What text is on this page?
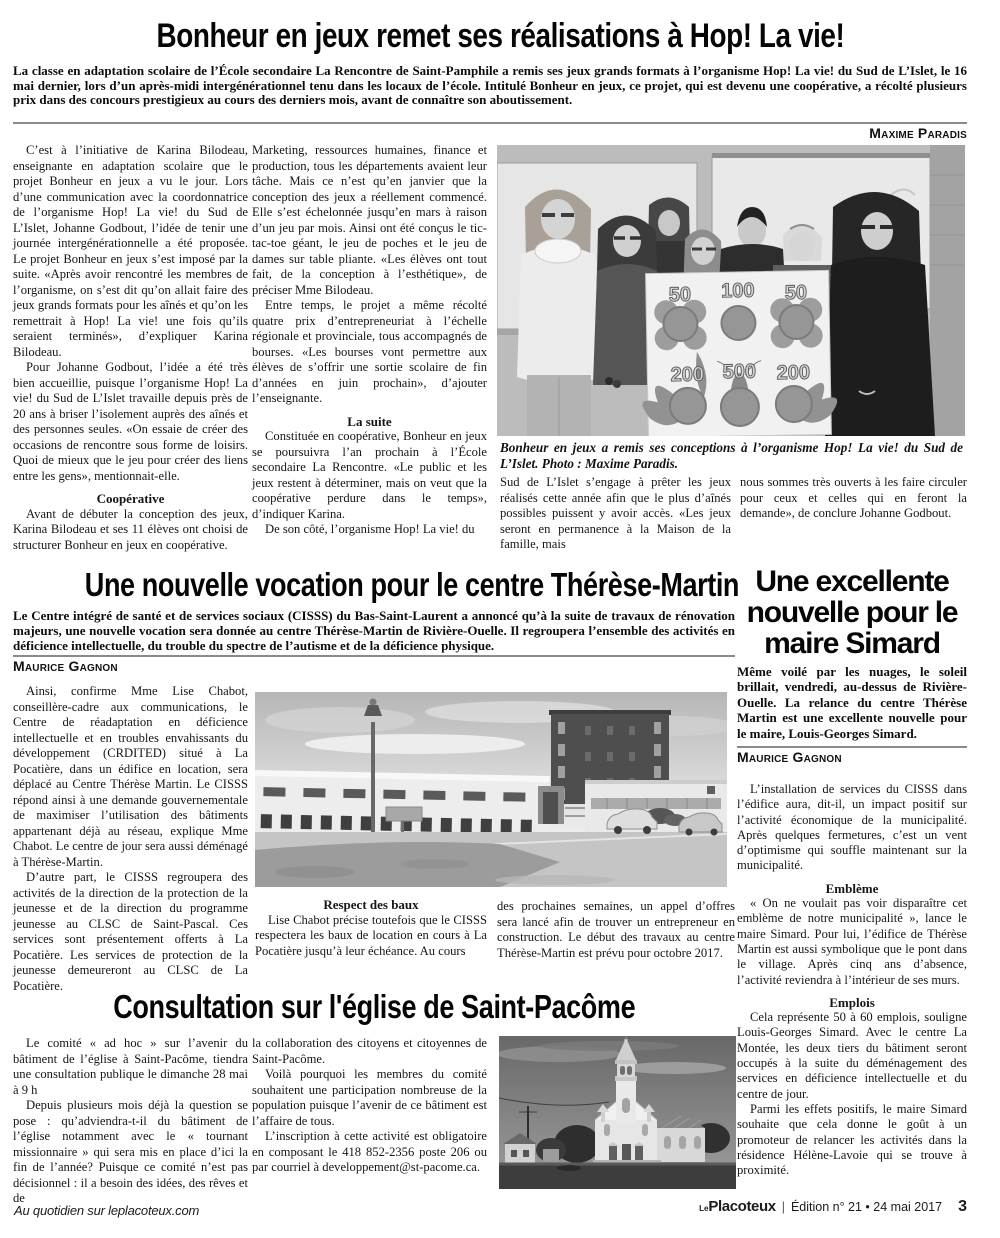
Bonheur en jeux remet ses réalisations à Hop! La vie!
La classe en adaptation scolaire de l’École secondaire La Rencontre de Saint-Pamphile a remis ses jeux grands formats à l’organisme Hop! La vie! du Sud de L’Islet, le 16 mai dernier, lors d’un après-midi intergénérationnel tenu dans les locaux de l’école. Intitulé Bonheur en jeux, ce projet, qui est devenu une coopérative, a récolté plusieurs prix dans des concours prestigieux au cours des derniers mois, avant de connaître son aboutissement.
Maxime Paradis

C’est à l’initiative de Karina Bilodeau, enseignante en adaptation scolaire que le projet Bonheur en jeux a vu le jour. Lors d’une communication avec la coordonnatrice de l’organisme Hop! La vie! du Sud de L’Islet, Johanne Godbout, l’idée de tenir une journée intergénérationnelle a été proposée. Le projet Bonheur en jeux s’est imposé par la suite. «Après avoir rencontré les membres de l’organisme, on s’est dit qu’on allait faire des jeux grands formats pour les aînés et qu’on les remettrait à Hop! La vie! une fois qu’ils seraient terminés», d’expliquer Karina Bilodeau.

Pour Johanne Godbout, l’idée a été très bien accueillie, puisque l’organisme Hop! La vie! du Sud de L’Islet travaille depuis près de 20 ans à briser l’isolement auprès des aînés et des personnes seules. «On essaie de créer des occasions de rencontre sous forme de loisirs. Quoi de mieux que le jeu pour créer des liens entre les gens», mentionnait-elle.

Coopérative

Avant de débuter la conception des jeux, Karina Bilodeau et ses 11 élèves ont choisi de structurer Bonheur en jeux en coopérative.

Marketing, ressources humaines, finance et production, tous les départements avaient leur tâche. Mais ce n’est qu’en janvier que la conception des jeux a réellement commencé. Elle s’est échelonnée jusqu’en mars à raison d’un jeu par mois. Ainsi ont été conçus le tic-tac-toe géant, le jeu de poches et le jeu de dames sur table pliante. «Les élèves ont tout fait, de la conception à l’esthétique», de préciser Mme Bilodeau.

Entre temps, le projet a même récolté quatre prix d’entrepreneuriat à l’échelle régionale et provinciale, tous accompagnés de bourses. «Les bourses vont permettre aux élèves de s’offrir une sortie scolaire de fin d’années en juin prochain», d’ajouter l’enseignante.

La suite

Constituée en coopérative, Bonheur en jeux se poursuivra l’an prochain à l’École secondaire La Rencontre. «Le public et les jeux restent à déterminer, mais on veut que la coopérative perdure dans le temps», d’indiquer Karina.

De son côté, l’organisme Hop! La vie! du

50 100 50
200 500 200
Bonheur en jeux a remis ses conceptions à l’organisme Hop! La vie! du Sud de L’Islet. Photo : Maxime Paradis.

Sud de L’Islet s’engage à prêter les jeux réalisés cette année afin que le plus d’aînés possibles puissent y avoir accès. «Les jeux seront en permanence à la Maison de la famille, mais

nous sommes très ouverts à les faire circuler pour ceux et celles qui en feront la demande», de conclure Johanne Godbout.

Une nouvelle vocation pour le centre Thérèse-Martin
Le Centre intégré de santé et de services sociaux (CISSS) du Bas-Saint-Laurent a annoncé qu’à la suite de travaux de rénovation majeurs, une nouvelle vocation sera donnée au centre Thérèse-Martin de Rivière-Ouelle. Il regroupera l’ensemble des activités en déficience intellectuelle, du trouble du spectre de l’autisme et de la déficience physique.
Maurice Gagnon

Ainsi, confirme Mme Lise Chabot, conseillère-cadre aux communications, le Centre de réadaptation en déficience intellectuelle et en troubles envahissants du développement (CRDITED) situé à La Pocatière, dans un édifice en location, sera déplacé au Centre Thérèse Martin. Le CISSS répond ainsi à une demande gouvernementale de maximiser l’utilisation des bâtiments appartenant déjà au réseau, explique Mme Chabot. Le centre de jour sera aussi déménagé à Thérèse-Martin.

D’autre part, le CISSS regroupera des activités de la direction de la protection de la jeunesse et de la direction du programme jeunesse au CLSC de Saint-Pascal. Ces services sont présentement offerts à La Pocatière. Les services de protection de la jeunesse demeureront au CLSC de La Pocatière.

Respect des baux

Lise Chabot précise toutefois que le CISSS respectera les baux de location en cours à La Pocatière jusqu’à leur échéance. Au cours

des prochaines semaines, un appel d’offres sera lancé afin de trouver un entrepreneur en construction. Le début des travaux au centre Thérèse-Martin est prévu pour octobre 2017.

Une excellente nouvelle pour le maire Simard
Même voilé par les nuages, le soleil brillait, vendredi, au-dessus de Rivière-Ouelle. La relance du centre Thérèse Martin est une excellente nouvelle pour le maire, Louis-Georges Simard.
Maurice Gagnon

L’installation de services du CISSS dans l’édifice aura, dit-il, un impact positif sur l’activité économique de la municipalité. Après quelques fermetures, c’est un vent d’optimisme qui souffle maintenant sur la municipalité.

Emblème

« On ne voulait pas voir disparaître cet emblème de notre municipalité », lance le maire Simard. Pour lui, l’édifice de Thérèse Martin est aussi symbolique que le pont dans le village. Après cinq ans d’absence, l’activité reviendra à l’intérieur de ses murs.

Emplois

Cela représente 50 à 60 emplois, souligne Louis-Georges Simard. Avec le centre La Montée, les deux tiers du bâtiment seront occupés à la suite du déménagement des services en déficience intellectuelle et du centre de jour.

Parmi les effets positifs, le maire Simard souhaite que cela donne le goût à un promoteur de relancer les activités dans la résidence Hélène-Lavoie qui se trouve à proximité.

Consultation sur l'église de Saint-Pacôme

Le comité « ad hoc » sur l’avenir du bâtiment de l’église à Saint-Pacôme, tiendra une consultation publique le dimanche 28 mai à 9 h

Depuis plusieurs mois déjà la question se pose : qu’adviendra-t-il du bâtiment de l’église notamment avec le « tournant missionnaire » qui sera mis en place d’ici la fin de l’année? Puisque ce comité n’est pas décisionnel : il a besoin des idées, des rêves et de

la collaboration des citoyens et citoyennes de Saint-Pacôme.

Voilà pourquoi les membres du comité souhaitent une participation nombreuse de la population puisque l’avenir de ce bâtiment est l’affaire de tous.

L’inscription à cette activité est obligatoire en composant le 418 852-2356 poste 206 ou par courriel à developpement@st-pacome.ca.

Au quotidien sur leplacoteux.com	LePlacoteux | Édition n° 21 • 24 mai 2017 3
